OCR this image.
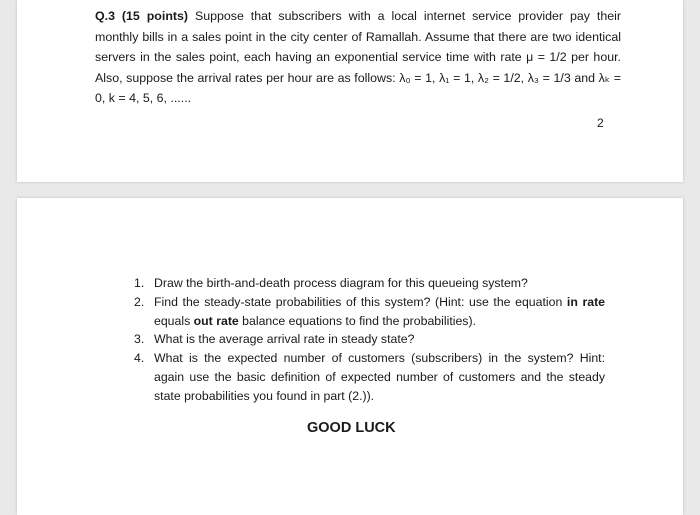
Q.3 (15 points) Suppose that subscribers with a local internet service provider pay their monthly bills in a sales point in the city center of Ramallah. Assume that there are two identical servers in the sales point, each having an exponential service time with rate μ = 1/2 per hour. Also, suppose the arrival rates per hour are as follows: λ₀ = 1, λ₁ = 1, λ₂ = 1/2, λ₃ = 1/3 and λₖ = 0, k = 4, 5, 6, ......

2
1. Draw the birth-and-death process diagram for this queueing system?
2. Find the steady-state probabilities of this system? (Hint: use the equation in rate equals out rate balance equations to find the probabilities).
3. What is the average arrival rate in steady state?
4. What is the expected number of customers (subscribers) in the system? Hint: again use the basic definition of expected number of customers and the steady state probabilities you found in part (2.)).
GOOD LUCK
